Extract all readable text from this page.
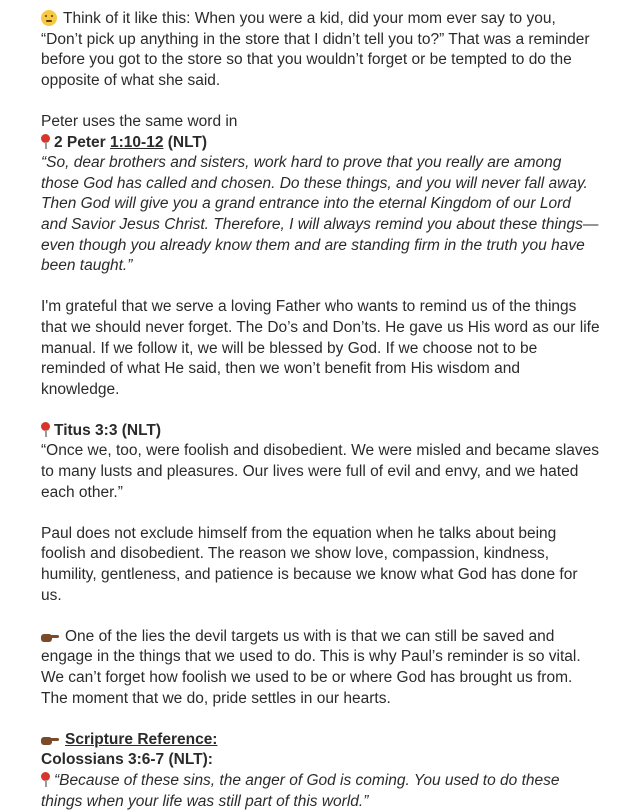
Think of it like this: When you were a kid, did your mom ever say to you, “Don’t pick up anything in the store that I didn’t tell you to?” That was a reminder before you got to the store so that you wouldn’t forget or be tempted to do the opposite of what she said.

Peter uses the same word in

2 Peter 1:10-12 (NLT)

“So, dear brothers and sisters, work hard to prove that you really are among those God has called and chosen. Do these things, and you will never fall away. Then God will give you a grand entrance into the eternal Kingdom of our Lord and Savior Jesus Christ. Therefore, I will always remind you about these things—even though you already know them and are standing firm in the truth you have been taught.”

I'm grateful that we serve a loving Father who wants to remind us of the things that we should never forget. The Do’s and Don’ts. He gave us His word as our life manual. If we follow it, we will be blessed by God. If we choose not to be reminded of what He said, then we won’t benefit from His wisdom and knowledge.

Titus 3:3 (NLT)

“Once we, too, were foolish and disobedient. We were misled and became slaves to many lusts and pleasures. Our lives were full of evil and envy, and we hated each other.”

Paul does not exclude himself from the equation when he talks about being foolish and disobedient. The reason we show love, compassion, kindness, humility, gentleness, and patience is because we know what God has done for us.

One of the lies the devil targets us with is that we can still be saved and engage in the things that we used to do. This is why Paul’s reminder is so vital. We can’t forget how foolish we used to be or where God has brought us from. The moment that we do, pride settles in our hearts.

Scripture Reference:

Colossians 3:6-7 (NLT):

“Because of these sins, the anger of God is coming. You used to do these things when your life was still part of this world.”
